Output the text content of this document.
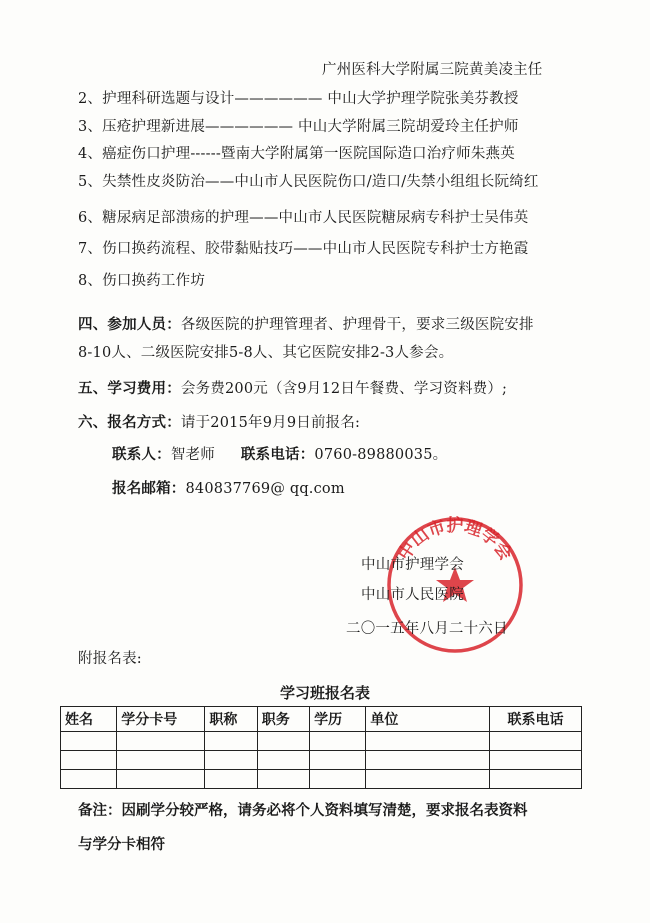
广州医科大学附属三院黄美凌主任
2、护理科研选题与设计—————— 中山大学护理学院张美芬教授
3、压疮护理新进展—————— 中山大学附属三院胡爱玲主任护师
4、癌症伤口护理------暨南大学附属第一医院国际造口治疗师朱燕英
5、失禁性皮炎防治——中山市人民医院伤口/造口/失禁小组组长阮绮红
6、糖尿病足部溃疡的护理——中山市人民医院糖尿病专科护士吴伟英
7、伤口换药流程、胶带黏贴技巧——中山市人民医院专科护士方艳霞
8、伤口换药工作坊
四、参加人员：各级医院的护理管理者、护理骨干，要求三级医院安排
8-10人、二级医院安排5-8人、其它医院安排2-3人参会。
五、学习费用：会务费200元（含9月12日午餐费、学习资料费）;
六、报名方式：请于2015年9月9日前报名:
联系人：智老师 联系电话：0760-89880035。
报名邮箱：840837769@ qq.com
中山市护理学会
中山市护理学会
中山市人民医院
二〇一五年八月二十六日
附报名表:
学习班报名表
姓名	学分卡号	职称	职务	学历	单位	联系电话

备注：因刷学分较严格，请务必将个人资料填写清楚，要求报名表资料
与学分卡相符
